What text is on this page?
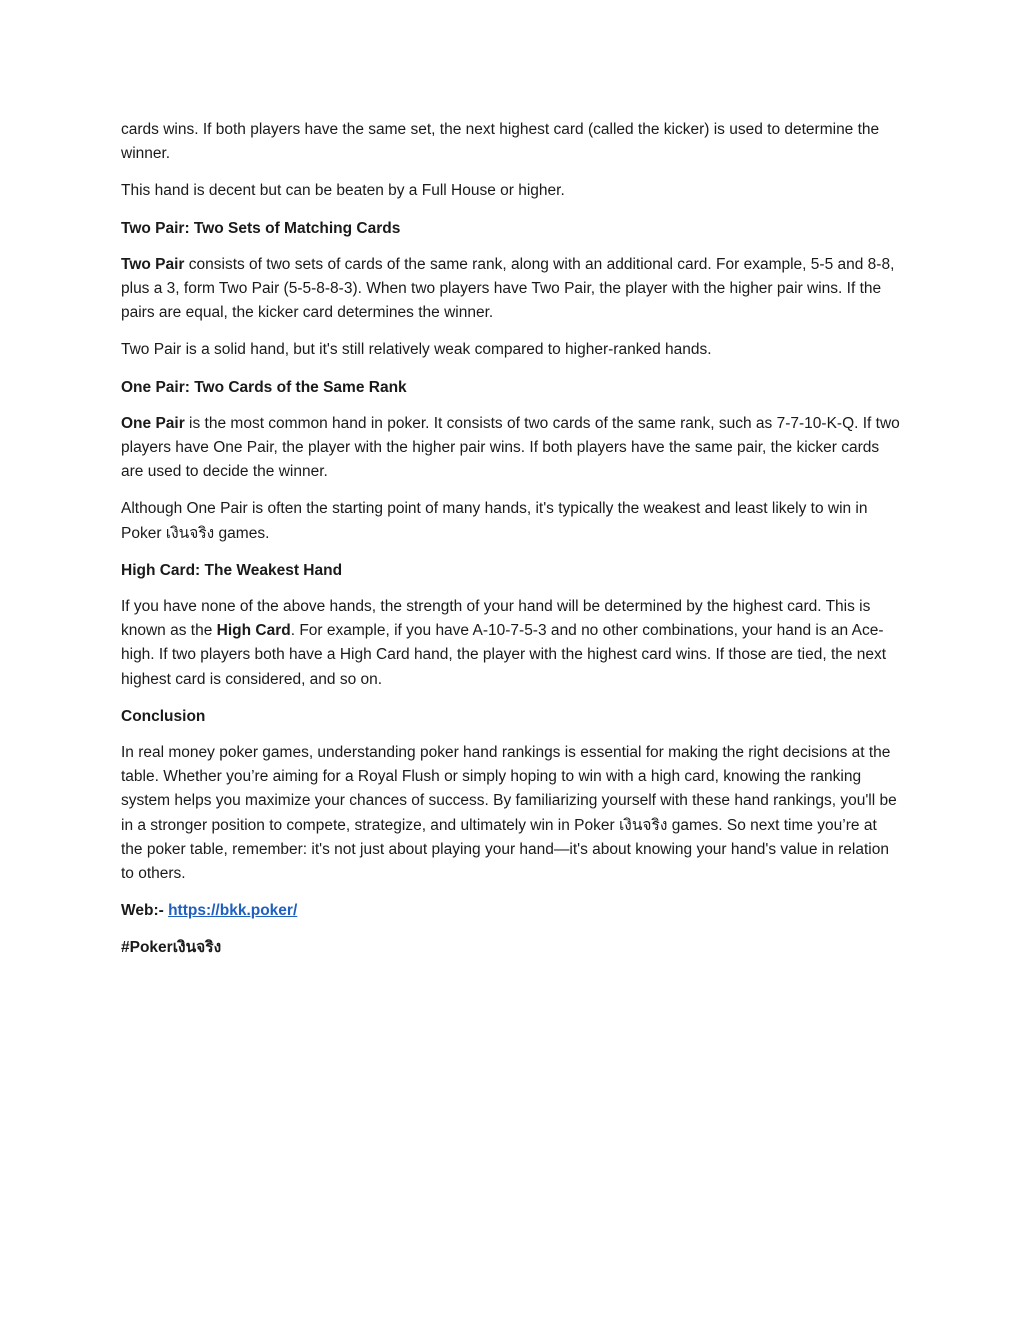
cards wins. If both players have the same set, the next highest card (called the kicker) is used to determine the winner.

This hand is decent but can be beaten by a Full House or higher.

Two Pair: Two Sets of Matching Cards

Two Pair consists of two sets of cards of the same rank, along with an additional card. For example, 5-5 and 8-8, plus a 3, form Two Pair (5-5-8-8-3). When two players have Two Pair, the player with the higher pair wins. If the pairs are equal, the kicker card determines the winner.

Two Pair is a solid hand, but it's still relatively weak compared to higher-ranked hands.

One Pair: Two Cards of the Same Rank

One Pair is the most common hand in poker. It consists of two cards of the same rank, such as 7-7-10-K-Q. If two players have One Pair, the player with the higher pair wins. If both players have the same pair, the kicker cards are used to decide the winner.

Although One Pair is often the starting point of many hands, it's typically the weakest and least likely to win in Poker เงินจริง games.

High Card: The Weakest Hand

If you have none of the above hands, the strength of your hand will be determined by the highest card. This is known as the High Card. For example, if you have A-10-7-5-3 and no other combinations, your hand is an Ace-high. If two players both have a High Card hand, the player with the highest card wins. If those are tied, the next highest card is considered, and so on.

Conclusion

In real money poker games, understanding poker hand rankings is essential for making the right decisions at the table. Whether you’re aiming for a Royal Flush or simply hoping to win with a high card, knowing the ranking system helps you maximize your chances of success. By familiarizing yourself with these hand rankings, you'll be in a stronger position to compete, strategize, and ultimately win in Poker เงินจริง games. So next time you’re at the poker table, remember: it's not just about playing your hand—it's about knowing your hand's value in relation to others.

Web:- https://bkk.poker/

#Pokerเงินจริง
